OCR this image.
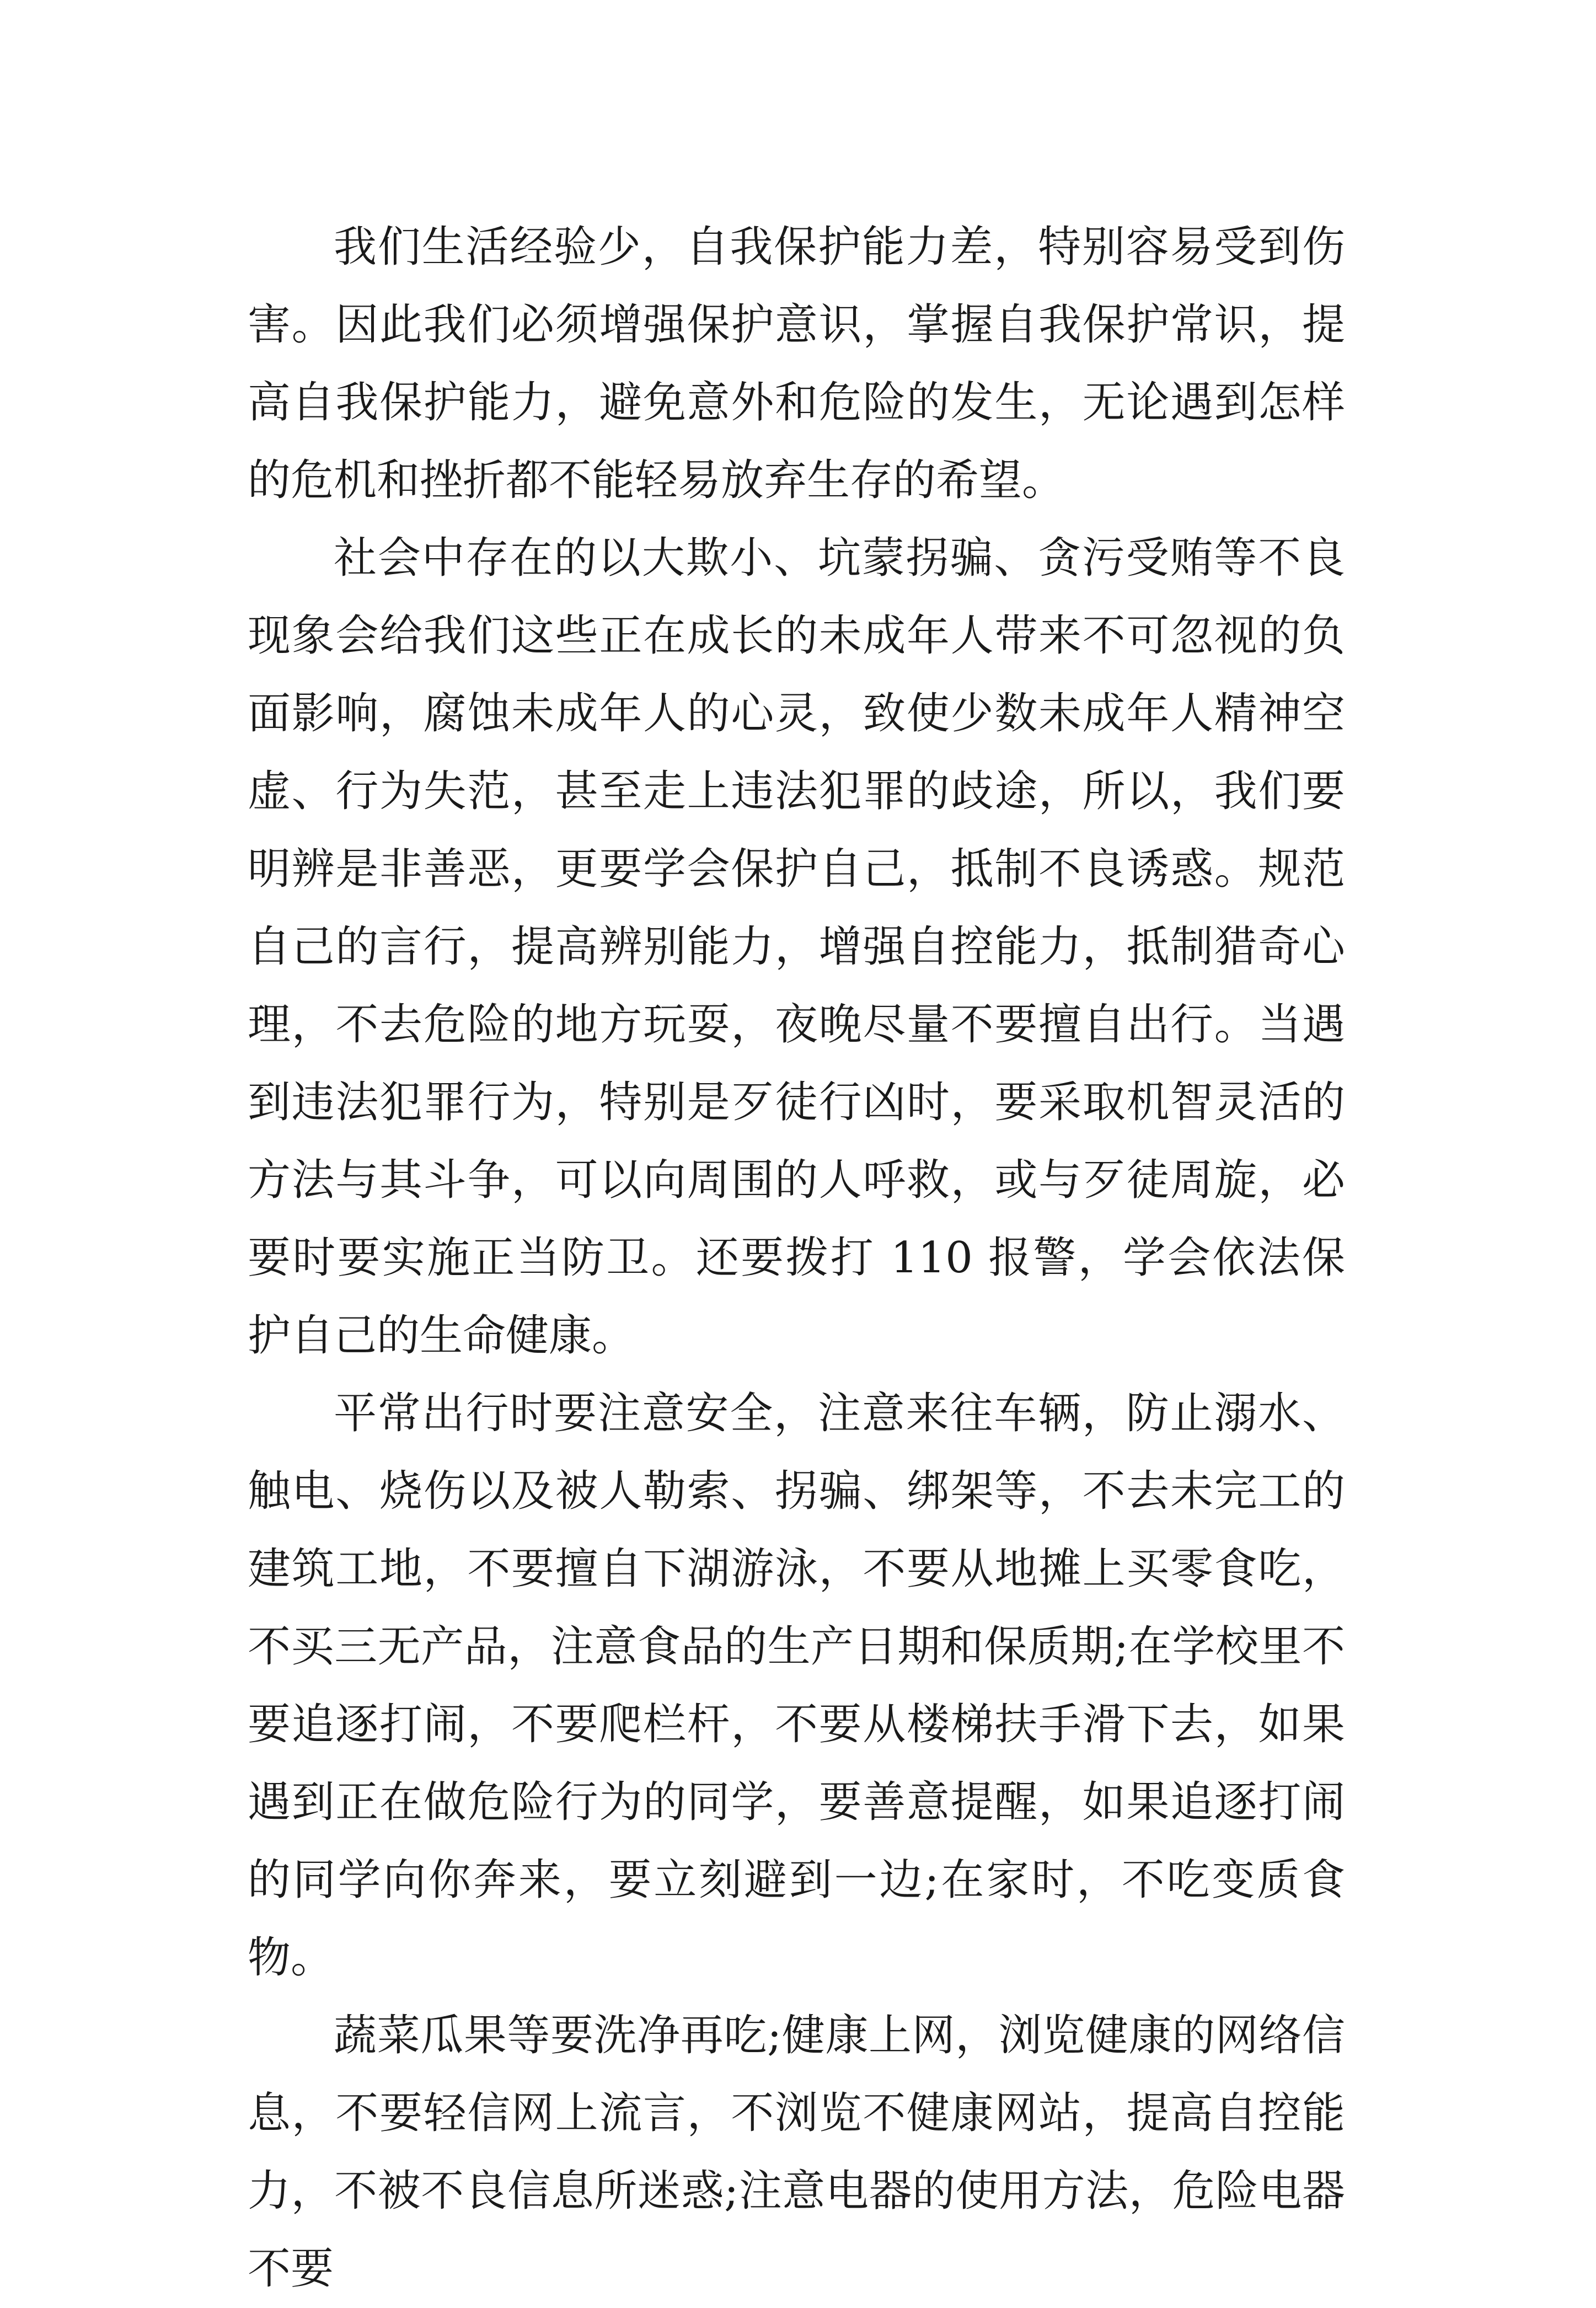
我们生活经验少，自我保护能力差，特别容易受到伤害。因此我们必须增强保护意识，掌握自我保护常识，提高自我保护能力，避免意外和危险的发生，无论遇到怎样的危机和挫折都不能轻易放弃生存的希望。

社会中存在的以大欺小、坑蒙拐骗、贪污受贿等不良现象会给我们这些正在成长的未成年人带来不可忽视的负面影响，腐蚀未成年人的心灵，致使少数未成年人精神空虚、行为失范，甚至走上违法犯罪的歧途，所以，我们要明辨是非善恶，更要学会保护自己，抵制不良诱惑。规范自己的言行，提高辨别能力，增强自控能力，抵制猎奇心理，不去危险的地方玩耍，夜晚尽量不要擅自出行。当遇到违法犯罪行为，特别是歹徒行凶时，要采取机智灵活的方法与其斗争，可以向周围的人呼救，或与歹徒周旋，必要时要实施正当防卫。还要拨打 110 报警，学会依法保护自己的生命健康。

平常出行时要注意安全，注意来往车辆，防止溺水、触电、烧伤以及被人勒索、拐骗、绑架等，不去未完工的建筑工地，不要擅自下湖游泳，不要从地摊上买零食吃，不买三无产品，注意食品的生产日期和保质期;在学校里不要追逐打闹，不要爬栏杆，不要从楼梯扶手滑下去，如果遇到正在做危险行为的同学，要善意提醒，如果追逐打闹的同学向你奔来，要立刻避到一边;在家时，不吃变质食物。

蔬菜瓜果等要洗净再吃;健康上网，浏览健康的网络信息，不要轻信网上流言，不浏览不健康网站，提高自控能力，不被不良信息所迷惑;注意电器的使用方法，危险电器不要
